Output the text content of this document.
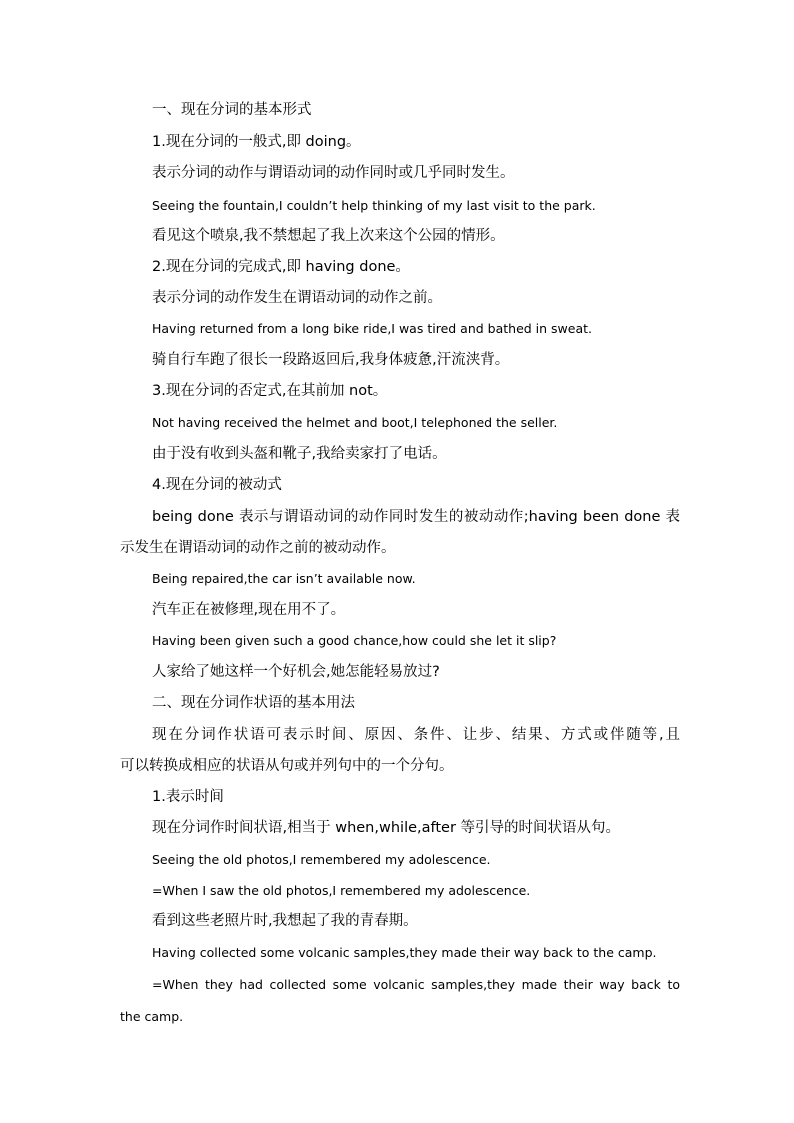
一、现在分词的基本形式
1.现在分词的一般式,即 doing。
表示分词的动作与谓语动词的动作同时或几乎同时发生。
Seeing the fountain,I couldn’t help thinking of my last visit to the park.
看见这个喷泉,我不禁想起了我上次来这个公园的情形。
2.现在分词的完成式,即 having done。
表示分词的动作发生在谓语动词的动作之前。
Having returned from a long bike ride,I was tired and bathed in sweat.
骑自行车跑了很长一段路返回后,我身体疲惫,汗流浃背。
3.现在分词的否定式,在其前加 not。
Not having received the helmet and boot,I telephoned the seller.
由于没有收到头盔和靴子,我给卖家打了电话。
4.现在分词的被动式
being done 表示与谓语动词的动作同时发生的被动动作;having been done 表
示发生在谓语动词的动作之前的被动动作。
Being repaired,the car isn’t available now.
汽车正在被修理,现在用不了。
Having been given such a good chance,how could she let it slip?
人家给了她这样一个好机会,她怎能轻易放过?
二、现在分词作状语的基本用法
现在分词作状语可表示时间、原因、条件、让步、结果、方式或伴随等,且
可以转换成相应的状语从句或并列句中的一个分句。
1.表示时间
现在分词作时间状语,相当于 when,while,after 等引导的时间状语从句。
Seeing the old photos,I remembered my adolescence.
=When I saw the old photos,I remembered my adolescence.
看到这些老照片时,我想起了我的青春期。
Having collected some volcanic samples,they made their way back to the camp.
=When they had collected some volcanic samples,they made their way back to
the camp.
